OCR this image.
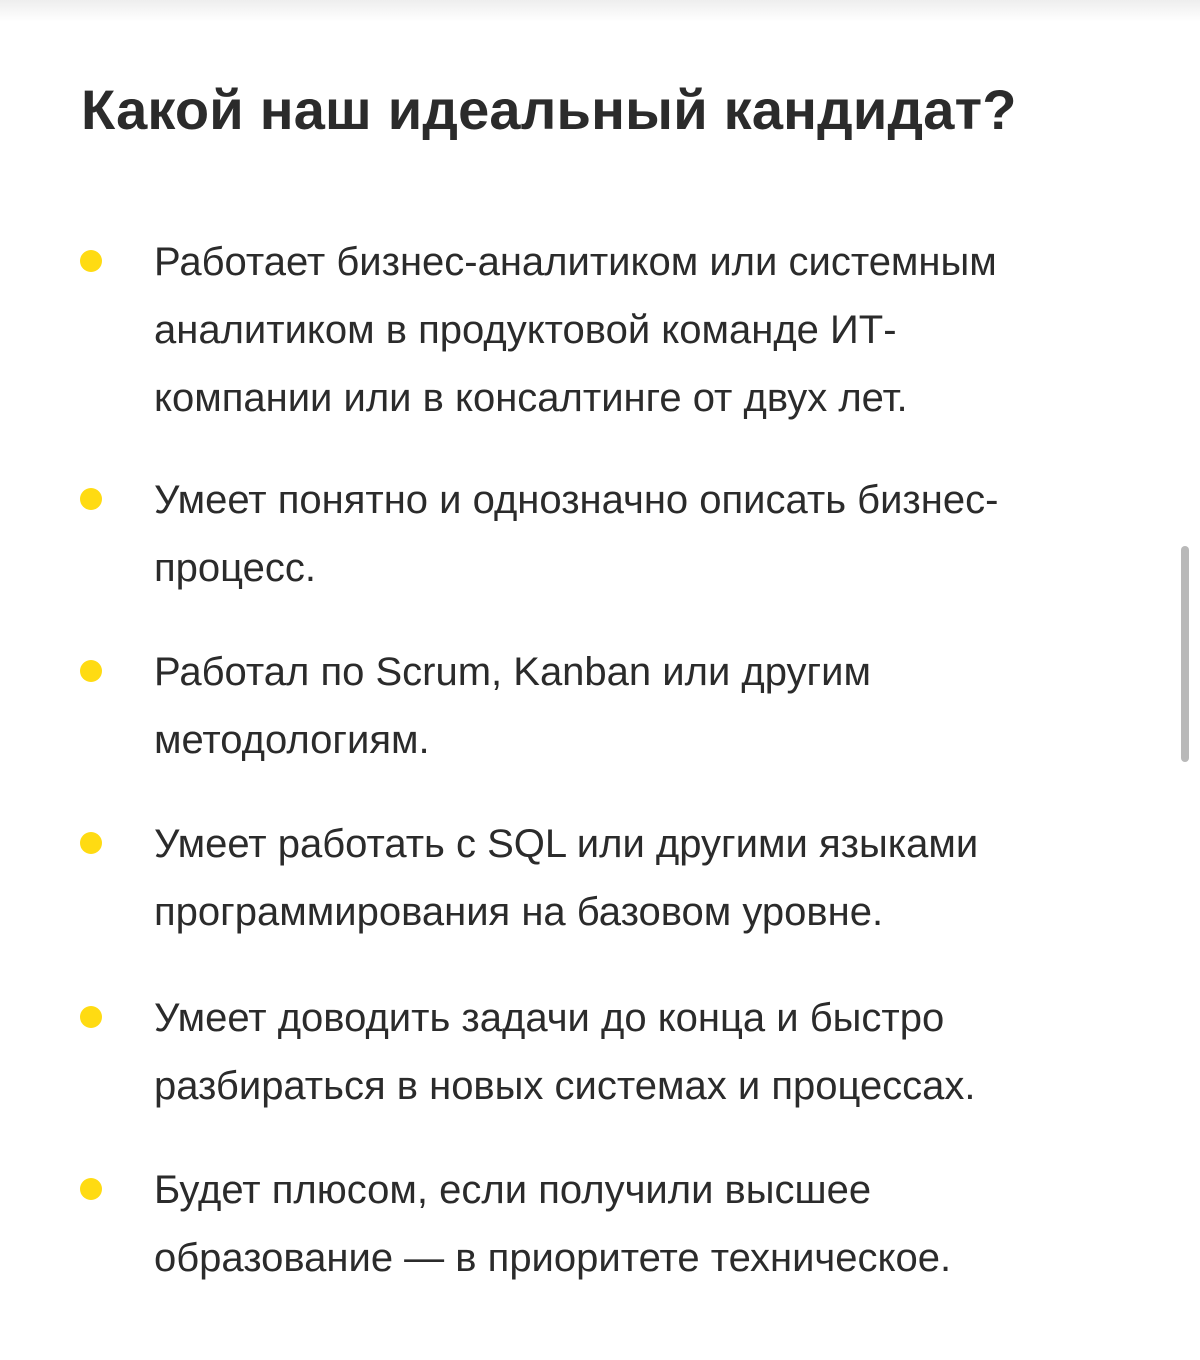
Какой наш идеальный кандидат?

Работает бизнес-аналитиком или системным
аналитиком в продуктовой команде ИТ-
компании или в консалтинге от двух лет.

Умеет понятно и однозначно описать бизнес-
процесс.

Работал по Scrum, Kanban или другим
методологиям.

Умеет работать с SQL или другими языками
программирования на базовом уровне.

Умеет доводить задачи до конца и быстро
разбираться в новых системах и процессах.

Будет плюсом, если получили высшее
образование — в приоритете техническое.
